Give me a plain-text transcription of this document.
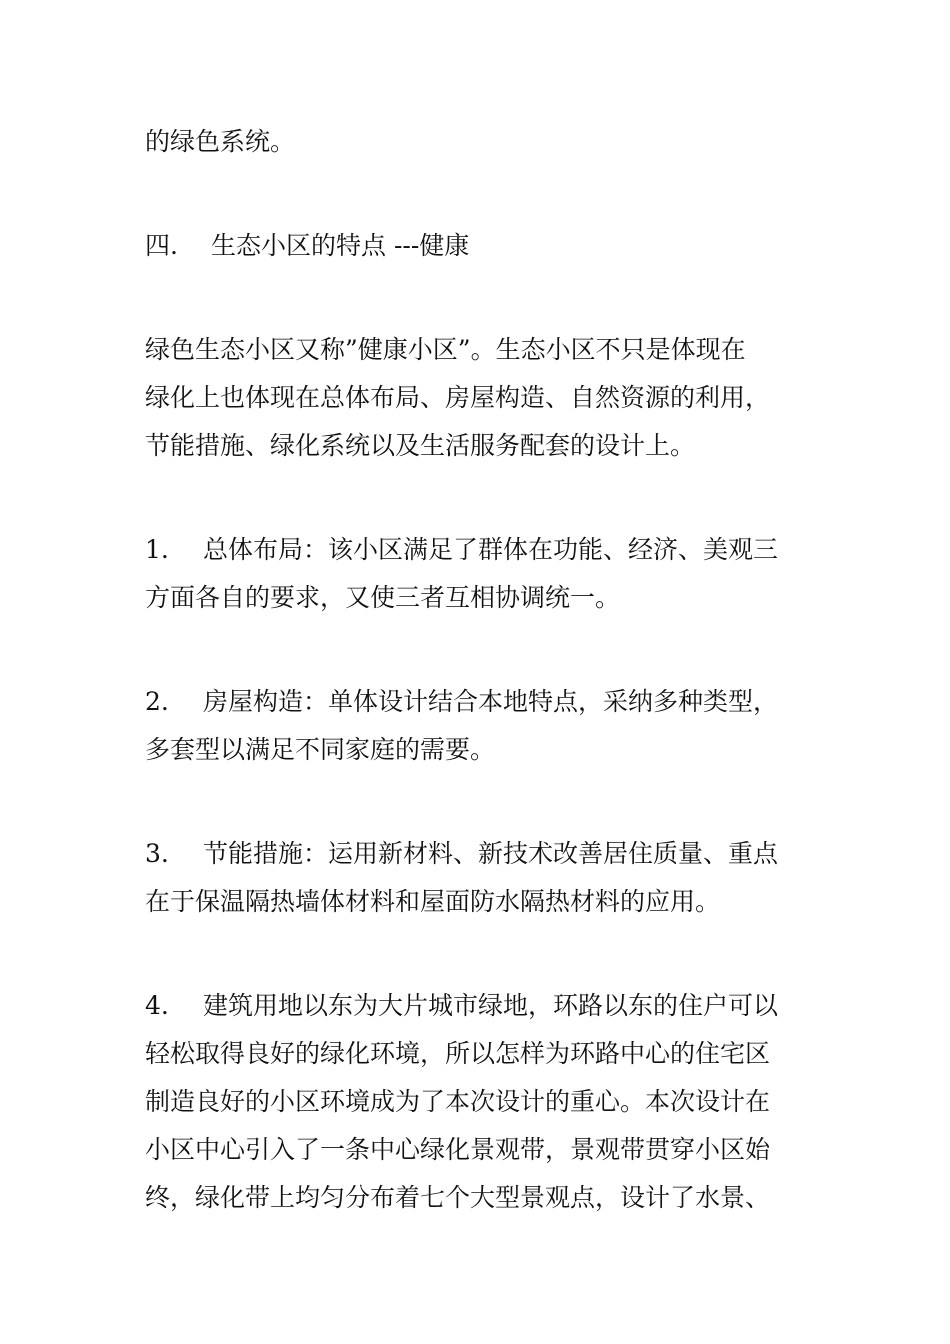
的绿色系统。
四. 生态小区的特点 ---健康
绿色生态小区又称”健康小区”。生态小区不只是体现在
绿化上也体现在总体布局、房屋构造、自然资源的利用，
节能措施、绿化系统以及生活服务配套的设计上。
1. 总体布局：该小区满足了群体在功能、经济、美观三
方面各自的要求，又使三者互相协调统一。
2. 房屋构造：单体设计结合本地特点，采纳多种类型，
多套型以满足不同家庭的需要。
3. 节能措施：运用新材料、新技术改善居住质量、重点
在于保温隔热墙体材料和屋面防水隔热材料的应用。
4. 建筑用地以东为大片城市绿地，环路以东的住户可以
轻松取得良好的绿化环境，所以怎样为环路中心的住宅区
制造良好的小区环境成为了本次设计的重心。本次设计在
小区中心引入了一条中心绿化景观带，景观带贯穿小区始
终，绿化带上均匀分布着七个大型景观点，设计了水景、
